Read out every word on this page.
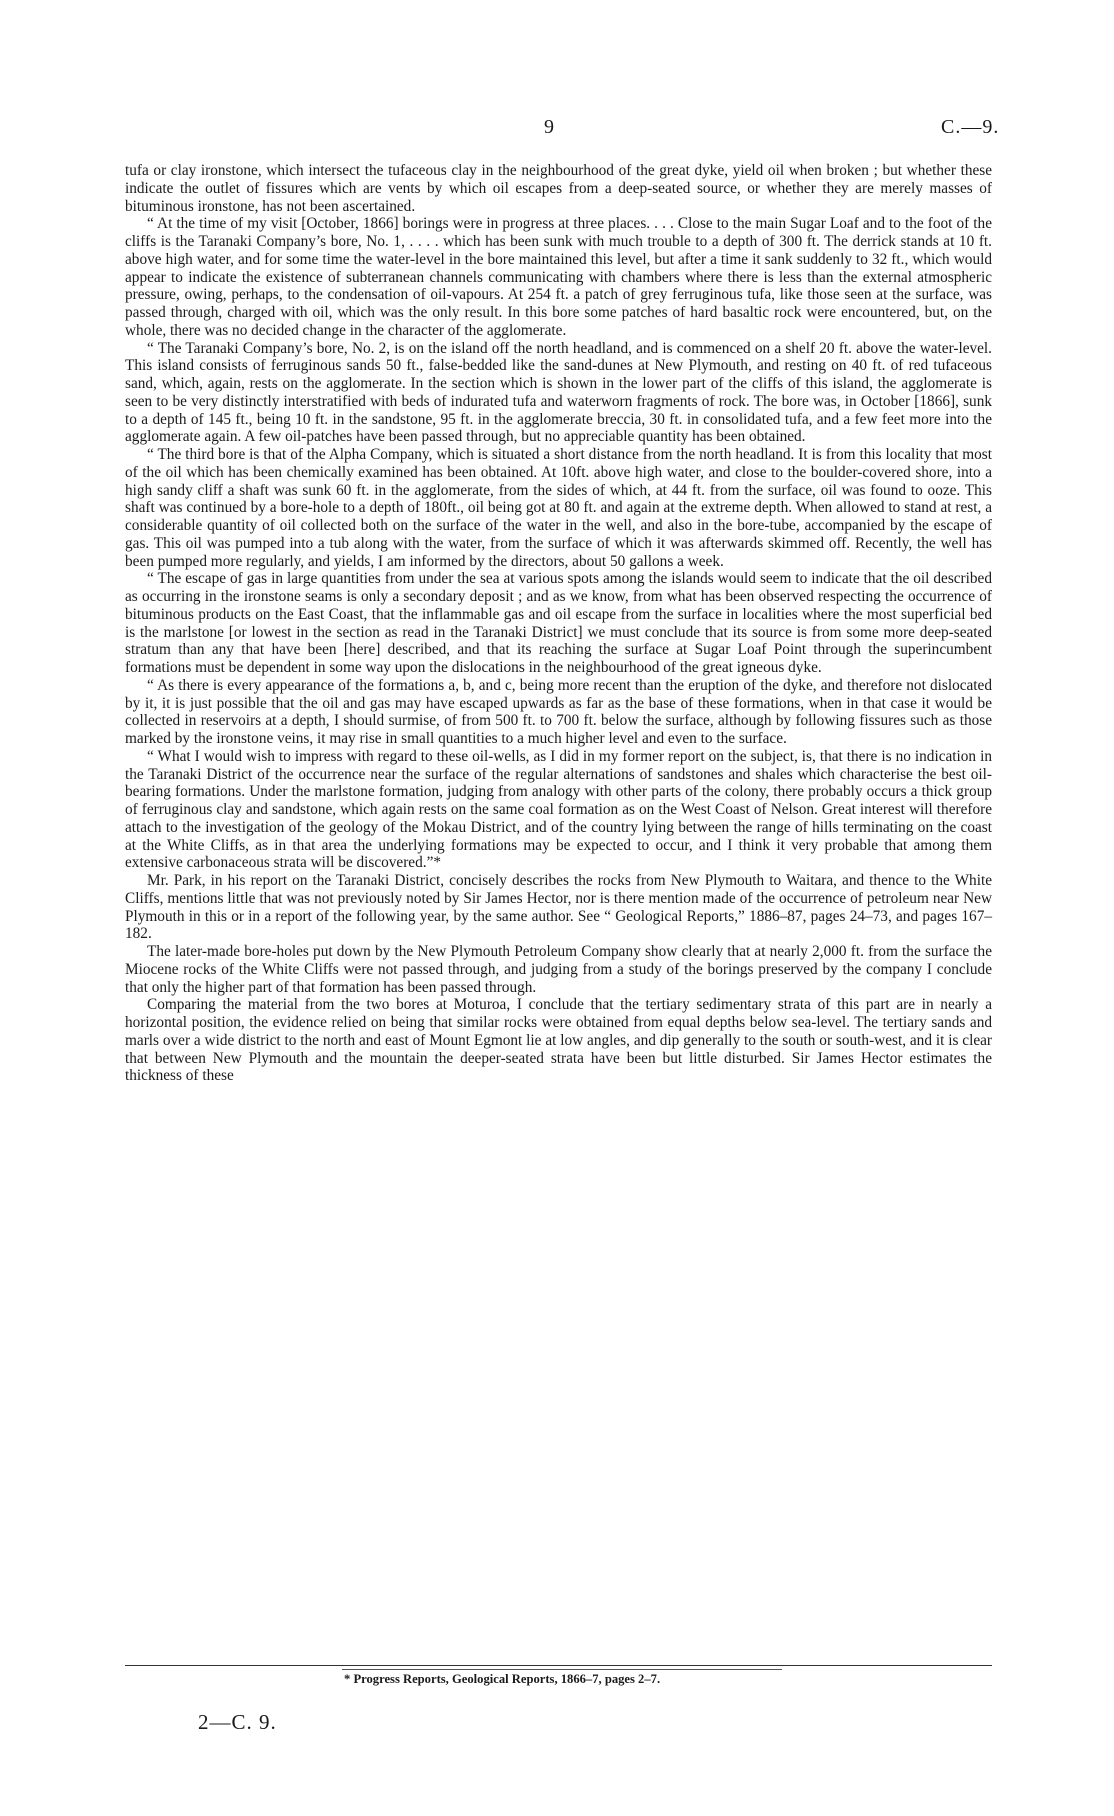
9	C.—9.

tufa or clay ironstone, which intersect the tufaceous clay in the neighbourhood of the great dyke, yield oil when broken ; but whether these indicate the outlet of fissures which are vents by which oil escapes from a deep-seated source, or whether they are merely masses of bituminous ironstone, has not been ascertained.

“ At the time of my visit [October, 1866] borings were in progress at three places. . . . Close to the main Sugar Loaf and to the foot of the cliffs is the Taranaki Company’s bore, No. 1, . . . . which has been sunk with much trouble to a depth of 300 ft. The derrick stands at 10 ft. above high water, and for some time the water-level in the bore maintained this level, but after a time it sank suddenly to 32 ft., which would appear to indicate the existence of subterranean channels communicating with chambers where there is less than the external atmospheric pressure, owing, perhaps, to the condensation of oil-vapours. At 254 ft. a patch of grey ferruginous tufa, like those seen at the surface, was passed through, charged with oil, which was the only result. In this bore some patches of hard basaltic rock were encountered, but, on the whole, there was no decided change in the character of the agglomerate.

“ The Taranaki Company’s bore, No. 2, is on the island off the north headland, and is commenced on a shelf 20 ft. above the water-level. This island consists of ferruginous sands 50 ft., false-bedded like the sand-dunes at New Plymouth, and resting on 40 ft. of red tufaceous sand, which, again, rests on the agglomerate. In the section which is shown in the lower part of the cliffs of this island, the agglomerate is seen to be very distinctly interstratified with beds of indurated tufa and waterworn fragments of rock. The bore was, in October [1866], sunk to a depth of 145 ft., being 10 ft. in the sandstone, 95 ft. in the agglomerate breccia, 30 ft. in consolidated tufa, and a few feet more into the agglomerate again. A few oil-patches have been passed through, but no appreciable quantity has been obtained.

“ The third bore is that of the Alpha Company, which is situated a short distance from the north headland. It is from this locality that most of the oil which has been chemically examined has been obtained. At 10ft. above high water, and close to the boulder-covered shore, into a high sandy cliff a shaft was sunk 60 ft. in the agglomerate, from the sides of which, at 44 ft. from the surface, oil was found to ooze. This shaft was continued by a bore-hole to a depth of 180ft., oil being got at 80 ft. and again at the extreme depth. When allowed to stand at rest, a considerable quantity of oil collected both on the surface of the water in the well, and also in the bore-tube, accompanied by the escape of gas. This oil was pumped into a tub along with the water, from the surface of which it was afterwards skimmed off. Recently, the well has been pumped more regularly, and yields, I am informed by the directors, about 50 gallons a week.

“ The escape of gas in large quantities from under the sea at various spots among the islands would seem to indicate that the oil described as occurring in the ironstone seams is only a secondary deposit ; and as we know, from what has been observed respecting the occurrence of bituminous products on the East Coast, that the inflammable gas and oil escape from the surface in localities where the most superficial bed is the marlstone [or lowest in the section as read in the Taranaki District] we must conclude that its source is from some more deep-seated stratum than any that have been [here] described, and that its reaching the surface at Sugar Loaf Point through the superincumbent formations must be dependent in some way upon the dislocations in the neighbourhood of the great igneous dyke.

“ As there is every appearance of the formations a, b, and c, being more recent than the eruption of the dyke, and therefore not dislocated by it, it is just possible that the oil and gas may have escaped upwards as far as the base of these formations, when in that case it would be collected in reservoirs at a depth, I should surmise, of from 500 ft. to 700 ft. below the surface, although by following fissures such as those marked by the ironstone veins, it may rise in small quantities to a much higher level and even to the surface.

“ What I would wish to impress with regard to these oil-wells, as I did in my former report on the subject, is, that there is no indication in the Taranaki District of the occurrence near the surface of the regular alternations of sandstones and shales which characterise the best oil-bearing formations. Under the marlstone formation, judging from analogy with other parts of the colony, there probably occurs a thick group of ferruginous clay and sandstone, which again rests on the same coal formation as on the West Coast of Nelson. Great interest will therefore attach to the investigation of the geology of the Mokau District, and of the country lying between the range of hills terminating on the coast at the White Cliffs, as in that area the underlying formations may be expected to occur, and I think it very probable that among them extensive carbonaceous strata will be discovered.”*

Mr. Park, in his report on the Taranaki District, concisely describes the rocks from New Plymouth to Waitara, and thence to the White Cliffs, mentions little that was not previously noted by Sir James Hector, nor is there mention made of the occurrence of petroleum near New Plymouth in this or in a report of the following year, by the same author. See “ Geological Reports,” 1886–87, pages 24–73, and pages 167–182.

The later-made bore-holes put down by the New Plymouth Petroleum Company show clearly that at nearly 2,000 ft. from the surface the Miocene rocks of the White Cliffs were not passed through, and judging from a study of the borings preserved by the company I conclude that only the higher part of that formation has been passed through.

Comparing the material from the two bores at Moturoa, I conclude that the tertiary sedimentary strata of this part are in nearly a horizontal position, the evidence relied on being that similar rocks were obtained from equal depths below sea-level. The tertiary sands and marls over a wide district to the north and east of Mount Egmont lie at low angles, and dip generally to the south or south-west, and it is clear that between New Plymouth and the mountain the deeper-seated strata have been but little disturbed. Sir James Hector estimates the thickness of these

* Progress Reports, Geological Reports, 1866–7, pages 2–7.
2—C. 9.
